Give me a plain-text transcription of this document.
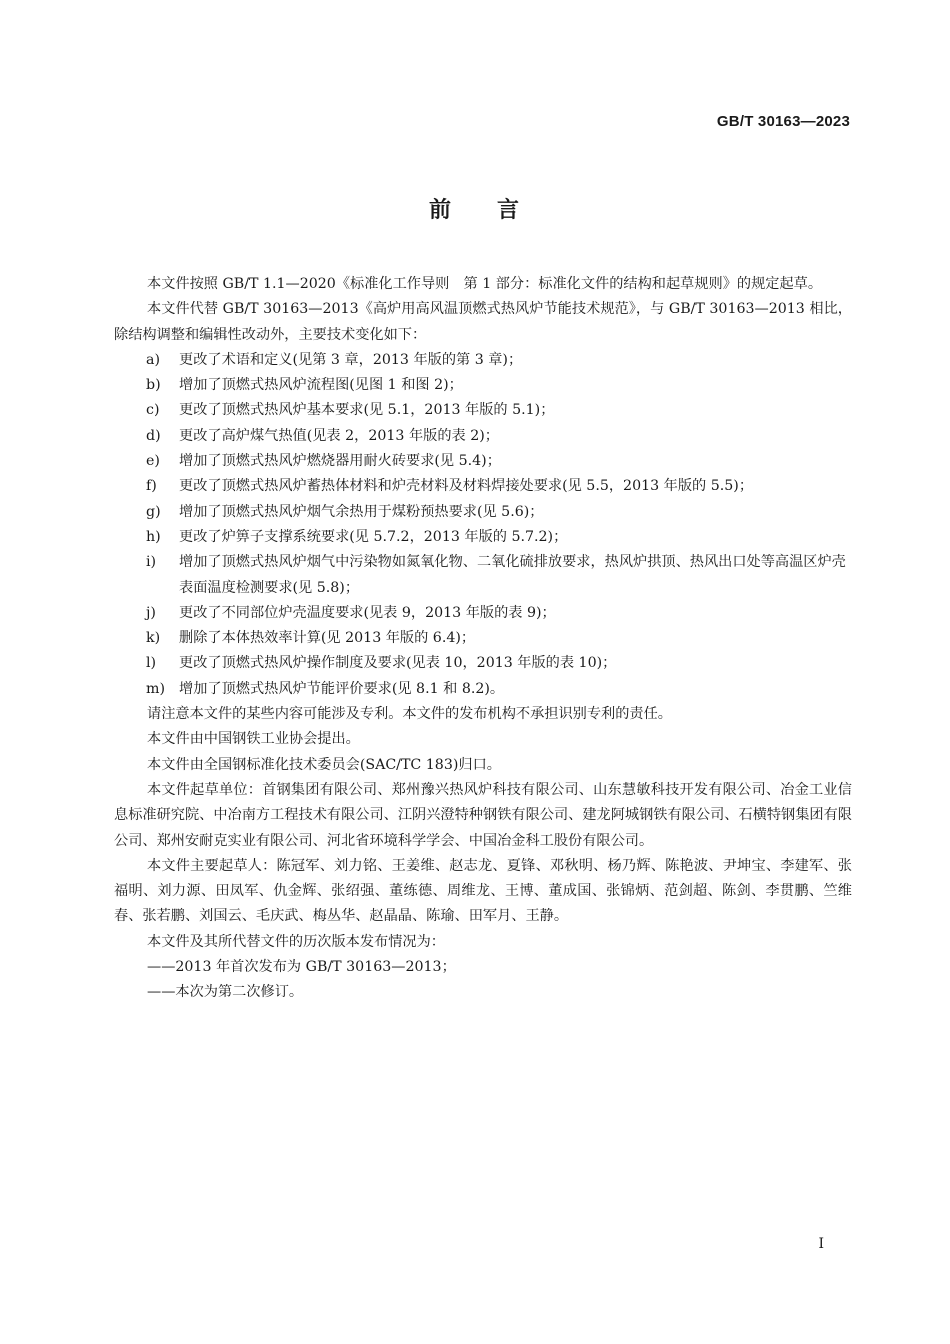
GB/T 30163—2023
前 言

本文件按照 GB/T 1.1—2020《标准化工作导则　第 1 部分：标准化文件的结构和起草规则》的规定起草。

本文件代替 GB/T 30163—2013《高炉用高风温顶燃式热风炉节能技术规范》，与 GB/T 30163—2013 相比，除结构调整和编辑性改动外，主要技术变化如下：

a) 更改了术语和定义(见第 3 章，2013 年版的第 3 章)；
b) 增加了顶燃式热风炉流程图(见图 1 和图 2)；
c) 更改了顶燃式热风炉基本要求(见 5.1，2013 年版的 5.1)；
d) 更改了高炉煤气热值(见表 2，2013 年版的表 2)；
e) 增加了顶燃式热风炉燃烧器用耐火砖要求(见 5.4)；
f) 更改了顶燃式热风炉蓄热体材料和炉壳材料及材料焊接处要求(见 5.5，2013 年版的 5.5)；
g) 增加了顶燃式热风炉烟气余热用于煤粉预热要求(见 5.6)；
h) 更改了炉箅子支撑系统要求(见 5.7.2，2013 年版的 5.7.2)；
i) 增加了顶燃式热风炉烟气中污染物如氮氧化物、二氧化硫排放要求，热风炉拱顶、热风出口处等高温区炉壳表面温度检测要求(见 5.8)；
j) 更改了不同部位炉壳温度要求(见表 9，2013 年版的表 9)；
k) 删除了本体热效率计算(见 2013 年版的 6.4)；
l) 更改了顶燃式热风炉操作制度及要求(见表 10，2013 年版的表 10)；
m) 增加了顶燃式热风炉节能评价要求(见 8.1 和 8.2)。

请注意本文件的某些内容可能涉及专利。本文件的发布机构不承担识别专利的责任。

本文件由中国钢铁工业协会提出。

本文件由全国钢标准化技术委员会(SAC/TC 183)归口。

本文件起草单位：首钢集团有限公司、郑州豫兴热风炉科技有限公司、山东慧敏科技开发有限公司、冶金工业信息标准研究院、中冶南方工程技术有限公司、江阴兴澄特种钢铁有限公司、建龙阿城钢铁有限公司、石横特钢集团有限公司、郑州安耐克实业有限公司、河北省环境科学学会、中国冶金科工股份有限公司。

本文件主要起草人：陈冠军、刘力铭、王姜维、赵志龙、夏锋、邓秋明、杨乃辉、陈艳波、尹坤宝、李建军、张福明、刘力源、田凤军、仇金辉、张绍强、董练德、周维龙、王博、董成国、张锦炳、范剑超、陈剑、李贯鹏、竺维春、张若鹏、刘国云、毛庆武、梅丛华、赵晶晶、陈瑜、田军月、王静。

本文件及其所代替文件的历次版本发布情况为：

——2013 年首次发布为 GB/T 30163—2013；

——本次为第二次修订。

I
